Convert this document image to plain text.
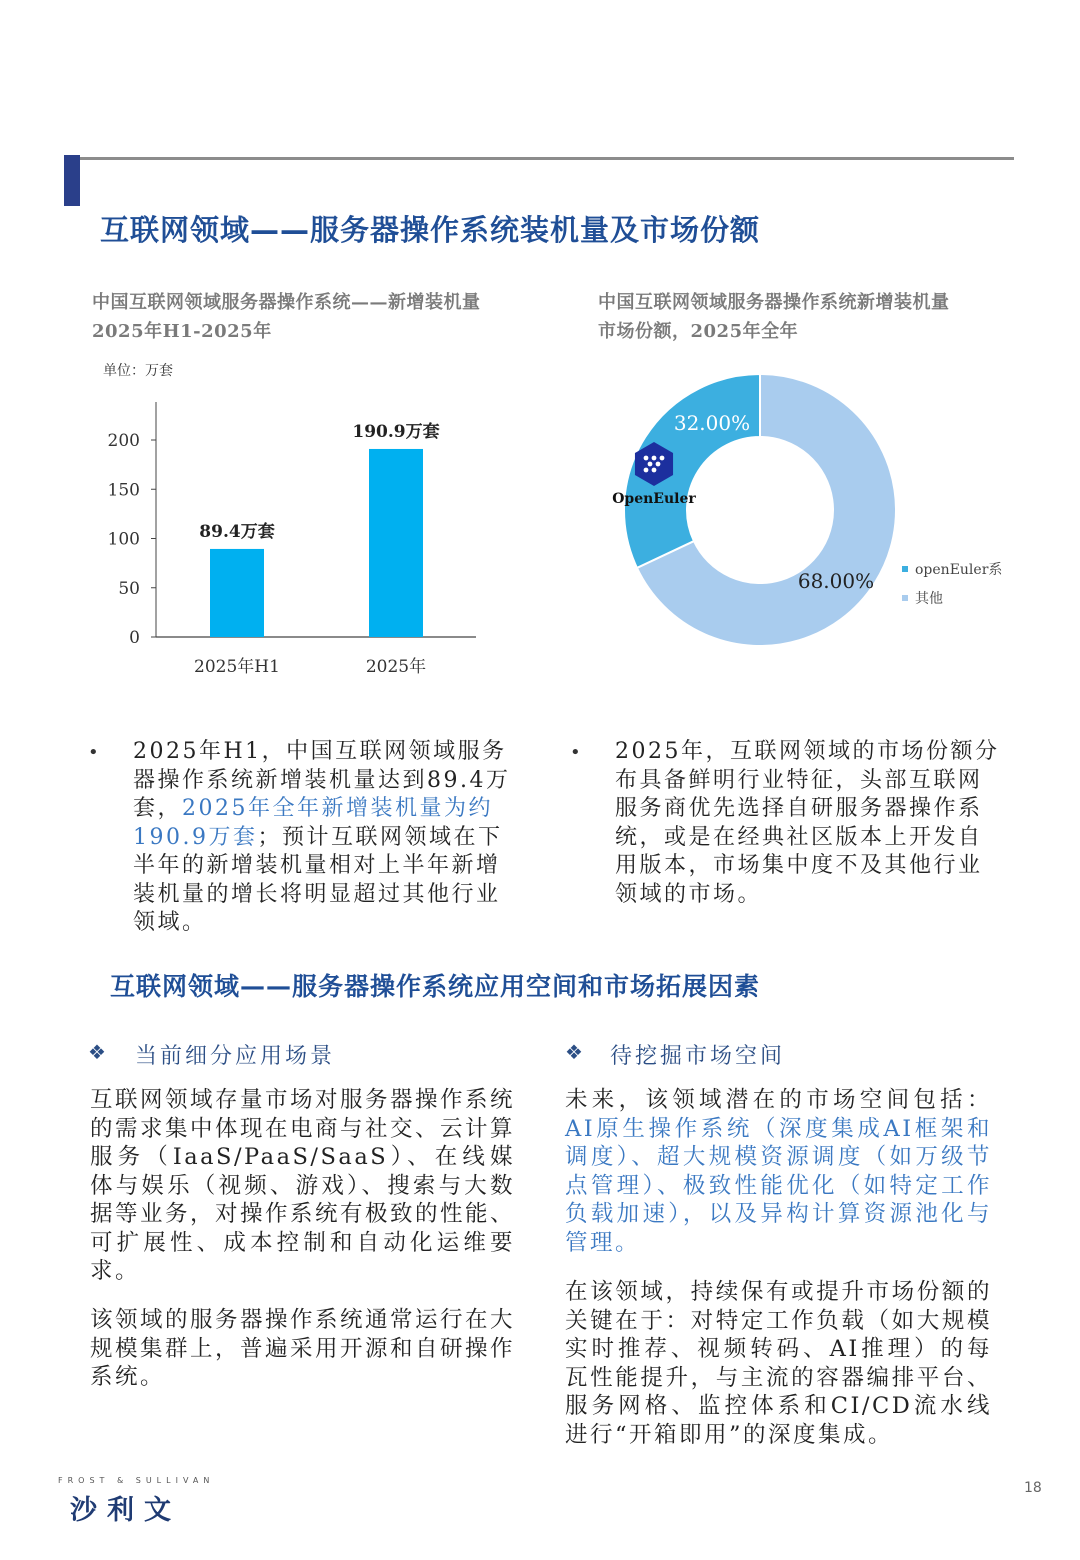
互联网领域——服务器操作系统装机量及市场份额
中国互联网领域服务器操作系统——新增装机量
2025年H1-2025年
单位：万套
0
50
100
150
200
89.4万套
2025年H1
190.9万套
2025年
中国互联网领域服务器操作系统新增装机量
市场份额，2025年全年
32.00%
68.00%
OpenEuler
openEuler系
其他
• 2025年H1，中国互联网领域服务器操作系统新增装机量达到89.4万套，2025年全年新增装机量为约190.9万套；预计互联网领域在下半年的新增装机量相对上半年新增装机量的增长将明显超过其他行业领域。
• 2025年，互联网领域的市场份额分布具备鲜明行业特征，头部互联网服务商优先选择自研服务器操作系统，或是在经典社区版本上开发自用版本，市场集中度不及其他行业领域的市场。
互联网领域——服务器操作系统应用空间和市场拓展因素
❖ 当前细分应用场景	❖ 待挖掘市场空间
互联网领域存量市场对服务器操作系统的需求集中体现在电商与社交、云计算服务（IaaS/PaaS/SaaS）、在线媒体与娱乐（视频、游戏）、搜索与大数据等业务，对操作系统有极致的性能、可扩展性、成本控制和自动化运维要求。
该领域的服务器操作系统通常运行在大规模集群上，普遍采用开源和自研操作系统。
未来，该领域潜在的市场空间包括：AI原生操作系统（深度集成AI框架和调度）、超大规模资源调度（如万级节点管理）、极致性能优化（如特定工作负载加速），以及异构计算资源池化与管理。
在该领域，持续保有或提升市场份额的关键在于：对特定工作负载（如大规模实时推荐、视频转码、AI推理）的每瓦性能提升，与主流的容器编排平台、服务网格、监控体系和CI/CD流水线进行“开箱即用”的深度集成。
FROST & SULLIVAN
沙利文
18
